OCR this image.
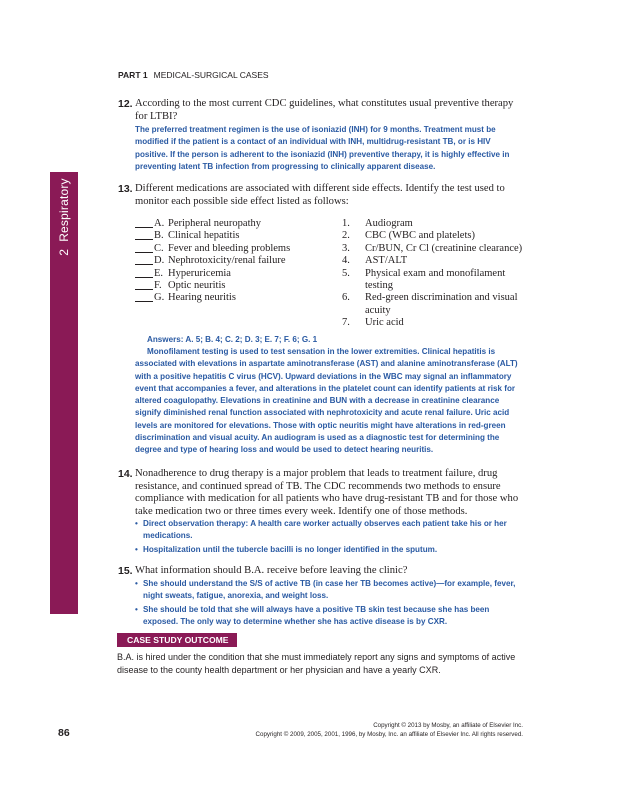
2  Respiratory
PART 1 MEDICAL-SURGICAL CASES
12. According to the most current CDC guidelines, what constitutes usual preventive therapy for LTBI?
The preferred treatment regimen is the use of isoniazid (INH) for 9 months. Treatment must be modified if the patient is a contact of an individual with INH, multidrug-resistant TB, or is HIV positive. If the person is adherent to the isoniazid (INH) preventive therapy, it is highly effective in preventing latent TB infection from progressing to clinically apparent disease.
13. Different medications are associated with different side effects. Identify the test used to monitor each possible side effect listed as follows:
A. Peripheral neuropathy
B. Clinical hepatitis
C. Fever and bleeding problems
D. Nephrotoxicity/renal failure
E. Hyperuricemia
F. Optic neuritis
G. Hearing neuritis
1.	Audiogram
2.	CBC (WBC and platelets)
3.	Cr/BUN, Cr Cl (creatinine clearance)
4.	AST/ALT
5.	Physical exam and monofilament testing
6.	Red-green discrimination and visual acuity
7.	Uric acid
Answers: A. 5; B. 4; C. 2; D. 3; E. 7; F. 6; G. 1
Monofilament testing is used to test sensation in the lower extremities. Clinical hepatitis is associated with elevations in aspartate aminotransferase (AST) and alanine aminotransferase (ALT) with a positive hepatitis C virus (HCV). Upward deviations in the WBC may signal an inflammatory event that accompanies a fever, and alterations in the platelet count can identify patients at risk for altered coagulopathy. Elevations in creatinine and BUN with a decrease in creatinine clearance signify diminished renal function associated with nephrotoxicity and acute renal failure. Uric acid levels are monitored for elevations. Those with optic neuritis might have alterations in red-green discrimination and visual acuity. An audiogram is used as a diagnostic test for determining the degree and type of hearing loss and would be used to detect hearing neuritis.
14. Nonadherence to drug therapy is a major problem that leads to treatment failure, drug resistance, and continued spread of TB. The CDC recommends two methods to ensure compliance with medication for all patients who have drug-resistant TB and for those who take medication two or three times every week. Identify one of those methods.
• Direct observation therapy: A health care worker actually observes each patient take his or her medications.
• Hospitalization until the tubercle bacilli is no longer identified in the sputum.
15. What information should B.A. receive before leaving the clinic?
• She should understand the S/S of active TB (in case her TB becomes active)—for example, fever, night sweats, fatigue, anorexia, and weight loss.
• She should be told that she will always have a positive TB skin test because she has been exposed. The only way to determine whether she has active disease is by CXR.
CASE STUDY OUTCOME
B.A. is hired under the condition that she must immediately report any signs and symptoms of active disease to the county health department or her physician and have a yearly CXR.
86
Copyright © 2013 by Mosby, an affiliate of Elsevier Inc.
Copyright © 2009, 2005, 2001, 1996, by Mosby, Inc. an affiliate of Elsevier Inc. All rights reserved.
